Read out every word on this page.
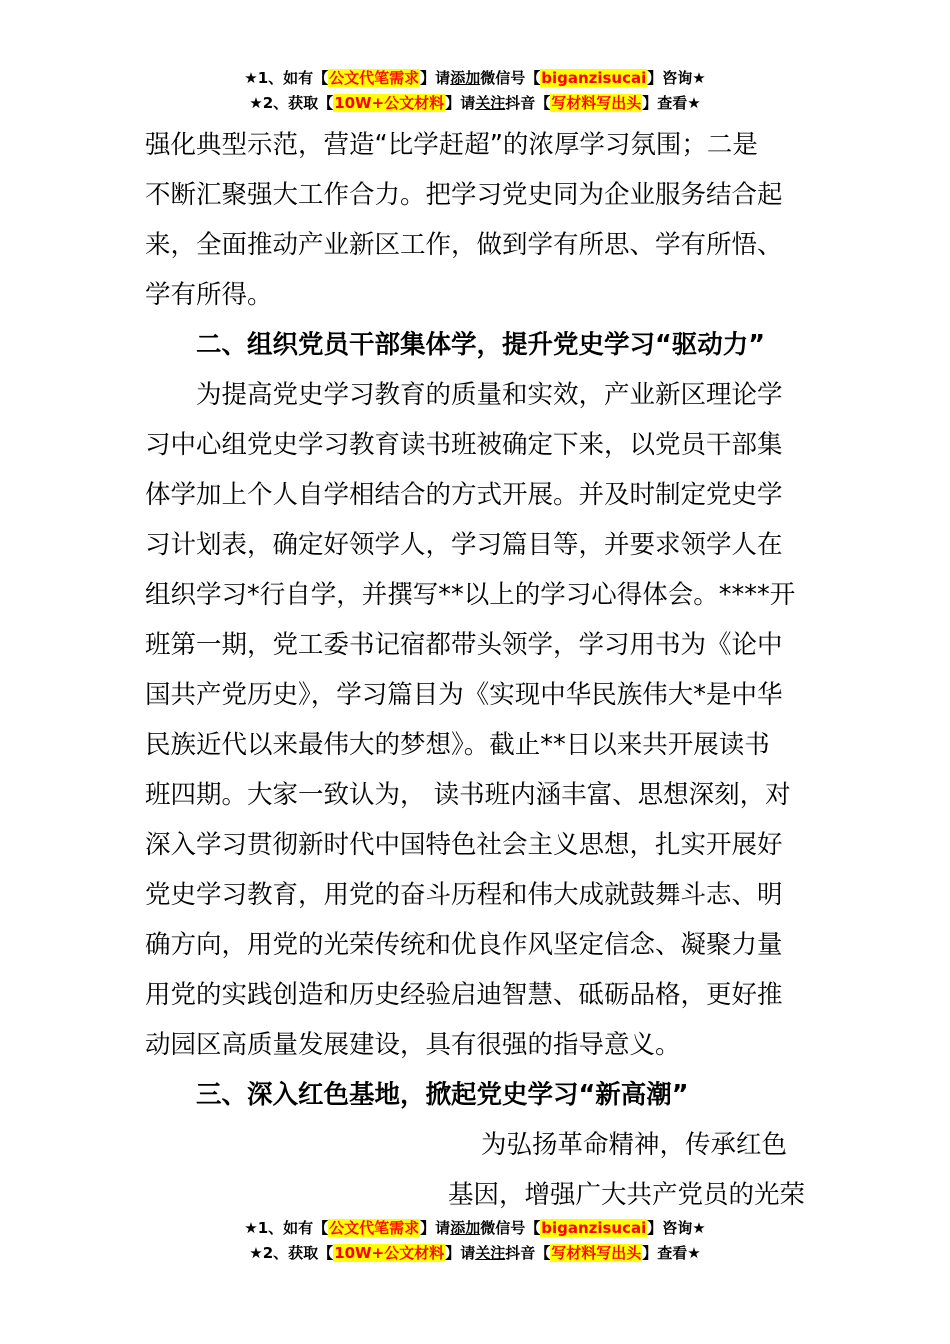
★1、如有【公文代笔需求】请添加微信号【biganzisucai】咨询★
★2、获取【10W+公文材料】请关注抖音【写材料写出头】查看★
强化典型示范，营造“比学赶超”的浓厚学习氛围；二是
不断汇聚强大工作合力。把学习党史同为企业服务结合起
来，全面推动产业新区工作，做到学有所思、学有所悟、
学有所得。
二、组织党员干部集体学，提升党史学习“驱动力”
为提高党史学习教育的质量和实效，产业新区理论学
习中心组党史学习教育读书班被确定下来，以党员干部集
体学加上个人自学相结合的方式开展。并及时制定党史学
习计划表，确定好领学人，学习篇目等，并要求领学人在
组织学习*行自学，并撰写**以上的学习心得体会。****开
班第一期，党工委书记宿都带头领学，学习用书为《论中
国共产党历史》，学习篇目为《实现中华民族伟大*是中华
民族近代以来最伟大的梦想》。截止**日以来共开展读书
班四期。大家一致认为， 读书班内涵丰富、思想深刻，对
深入学习贯彻新时代中国特色社会主义思想，扎实开展好
党史学习教育，用党的奋斗历程和伟大成就鼓舞斗志、明
确方向，用党的光荣传统和优良作风坚定信念、凝聚力量
用党的实践创造和历史经验启迪智慧、砥砺品格，更好推
动园区高质量发展建设，具有很强的指导意义。
三、深入红色基地，掀起党史学习“新高潮”
为弘扬革命精神，传承红色
基因，增强广大共产党员的光荣
★1、如有【公文代笔需求】请添加微信号【biganzisucai】咨询★
★2、获取【10W+公文材料】请关注抖音【写材料写出头】查看★
